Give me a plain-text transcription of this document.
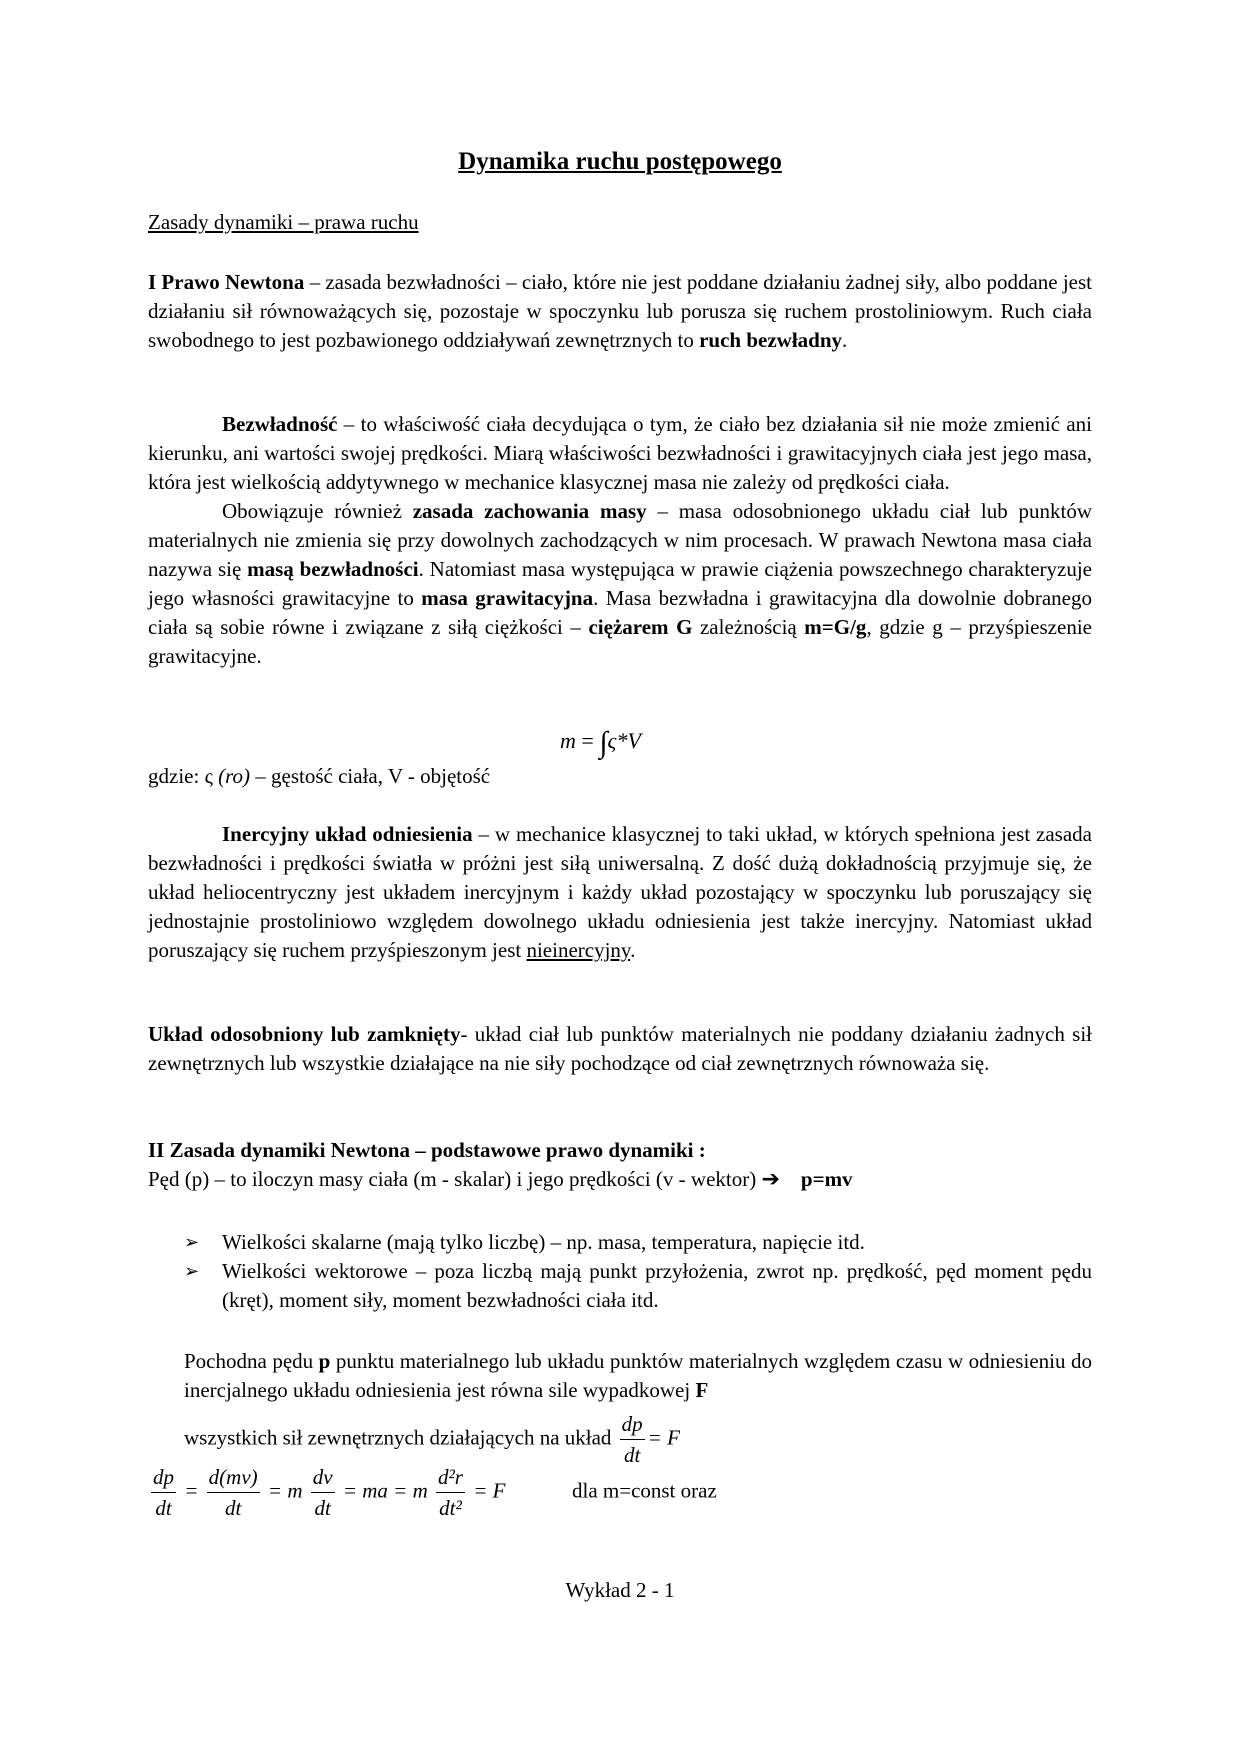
Dynamika ruchu postępowego
Zasady dynamiki – prawa ruchu

I Prawo Newtona – zasada bezwładności – ciało, które nie jest poddane działaniu żadnej siły, albo poddane jest działaniu sił równoważących się, pozostaje w spoczynku lub porusza się ruchem prostoliniowym. Ruch ciała swobodnego to jest pozbawionego oddziaływań zewnętrznych to ruch bezwładny.

Bezwładność – to właściwość ciała decydująca o tym, że ciało bez działania sił nie może zmienić ani kierunku, ani wartości swojej prędkości. Miarą właściwości bezwładności i grawitacyjnych ciała jest jego masa, która jest wielkością addytywnego w mechanice klasycznej masa nie zależy od prędkości ciała.

Obowiązuje również zasada zachowania masy – masa odosobnionego układu ciał lub punktów materialnych nie zmienia się przy dowolnych zachodzących w nim procesach. W prawach Newtona masa ciała nazywa się masą bezwładności. Natomiast masa występująca w prawie ciążenia powszechnego charakteryzuje jego własności grawitacyjne to masa grawitacyjna. Masa bezwładna i grawitacyjna dla dowolnie dobranego ciała są sobie równe i związane z siłą ciężkości – ciężarem G zależnością m=G/g, gdzie g – przyśpieszenie grawitacyjne.

m = ∫ς*V

gdzie: ς (ro) – gęstość ciała, V - objętość

Inercyjny układ odniesienia – w mechanice klasycznej to taki układ, w których spełniona jest zasada bezwładności i prędkości światła w próżni jest siłą uniwersalną. Z dość dużą dokładnością przyjmuje się, że układ heliocentryczny jest układem inercyjnym i każdy układ pozostający w spoczynku lub poruszający się jednostajnie prostoliniowo względem dowolnego układu odniesienia jest także inercyjny. Natomiast układ poruszający się ruchem przyśpieszonym jest nieinercyjny.

Układ odosobniony lub zamknięty- układ ciał lub punktów materialnych nie poddany działaniu żadnych sił zewnętrznych lub wszystkie działające na nie siły pochodzące od ciał zewnętrznych równoważa się.

II Zasada dynamiki Newtona – podstawowe prawo dynamiki :

Pęd (p) – to iloczyn masy ciała (m - skalar) i jego prędkości (v - wektor) ➔ p=mv

➢ Wielkości skalarne (mają tylko liczbę) – np. masa, temperatura, napięcie itd.
➢ Wielkości wektorowe – poza liczbą mają punkt przyłożenia, zwrot np. prędkość, pęd moment pędu (kręt), moment siły, moment bezwładności ciała itd.

Pochodna pędu p punktu materialnego lub układu punktów materialnych względem czasu w odniesieniu do inercjalnego układu odniesienia jest równa sile wypadkowej F

wszystkich sił zewnętrznych działających na układ $\frac{dp}{dt} = F$

$\frac{dp}{dt} = \frac{d(mv)}{dt} = m \frac{dv}{dt}$ = ma = m $\frac{\text{d²r}}{\text{dt²}} = F$	dla m=const oraz
Wykład 2 - 1
